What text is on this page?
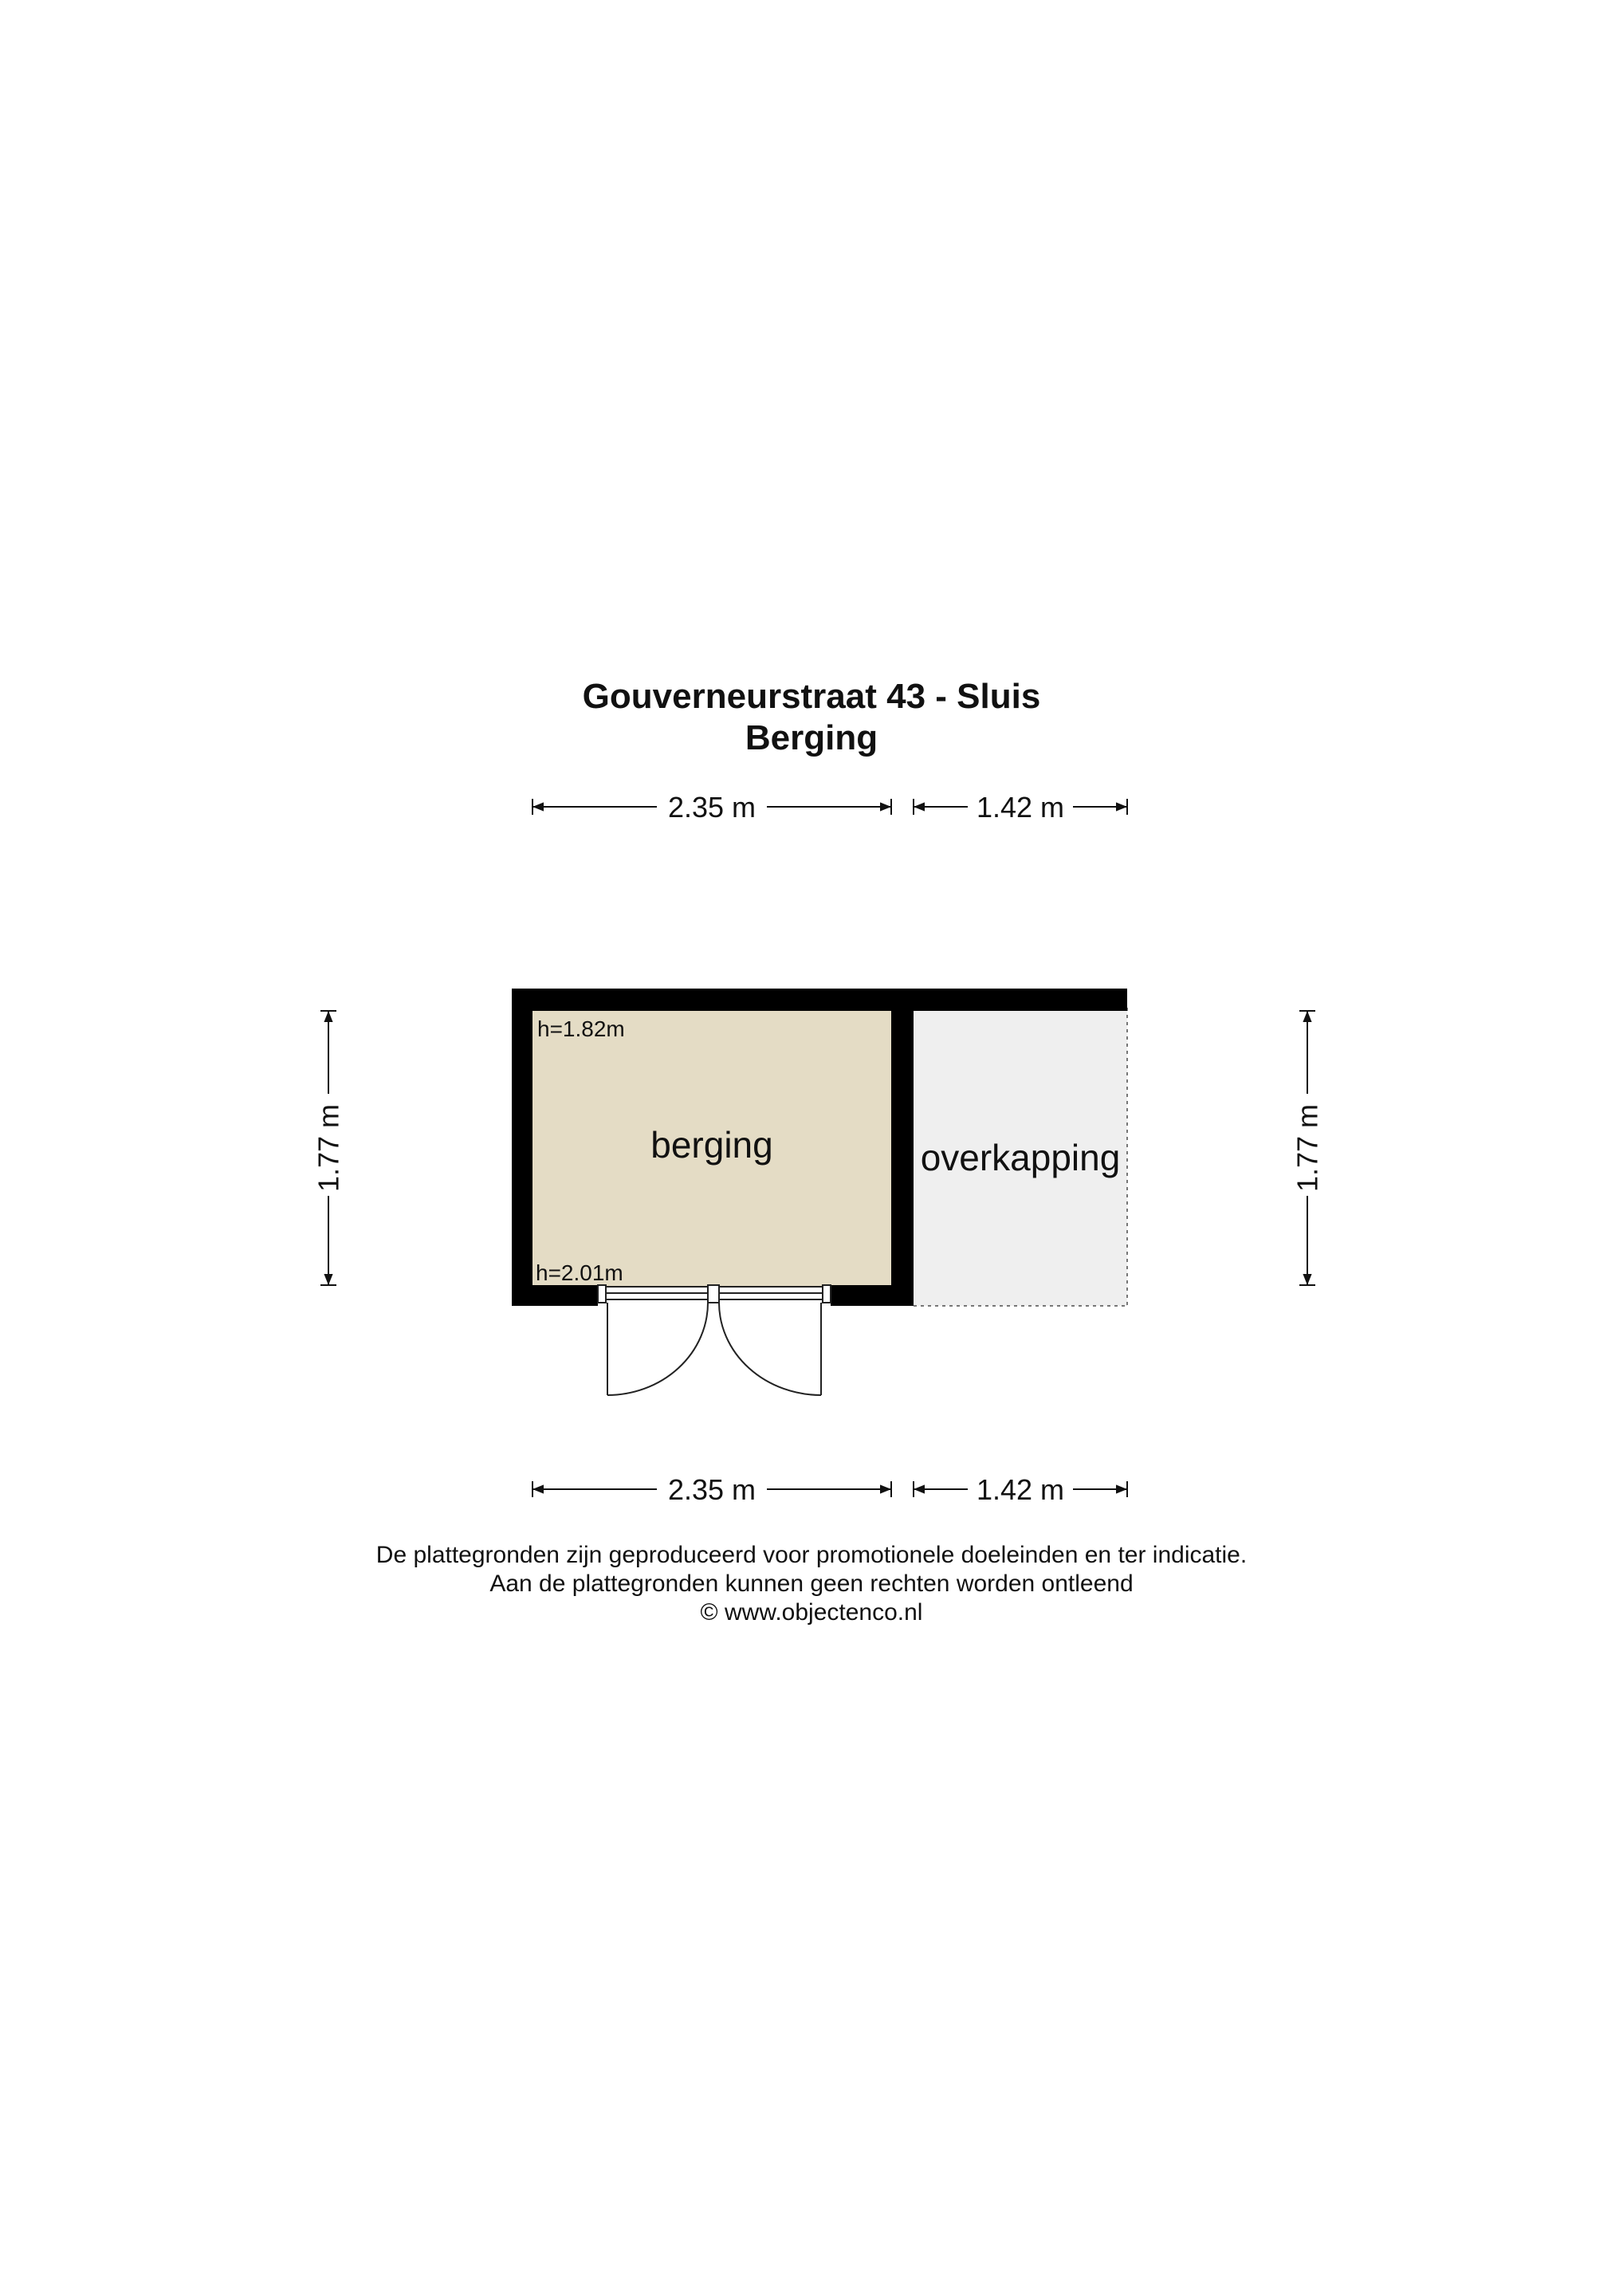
Gouverneurstraat 43 - Sluis
Berging
berging
h=1.82m
h=2.01m
overkapping
2.35 m	1.42 m
2.35 m	1.42 m
1.77 m	1.77 m
De plattegronden zijn geproduceerd voor promotionele doeleinden en ter indicatie.
Aan de plattegronden kunnen geen rechten worden ontleend
© www.objectenco.nl
